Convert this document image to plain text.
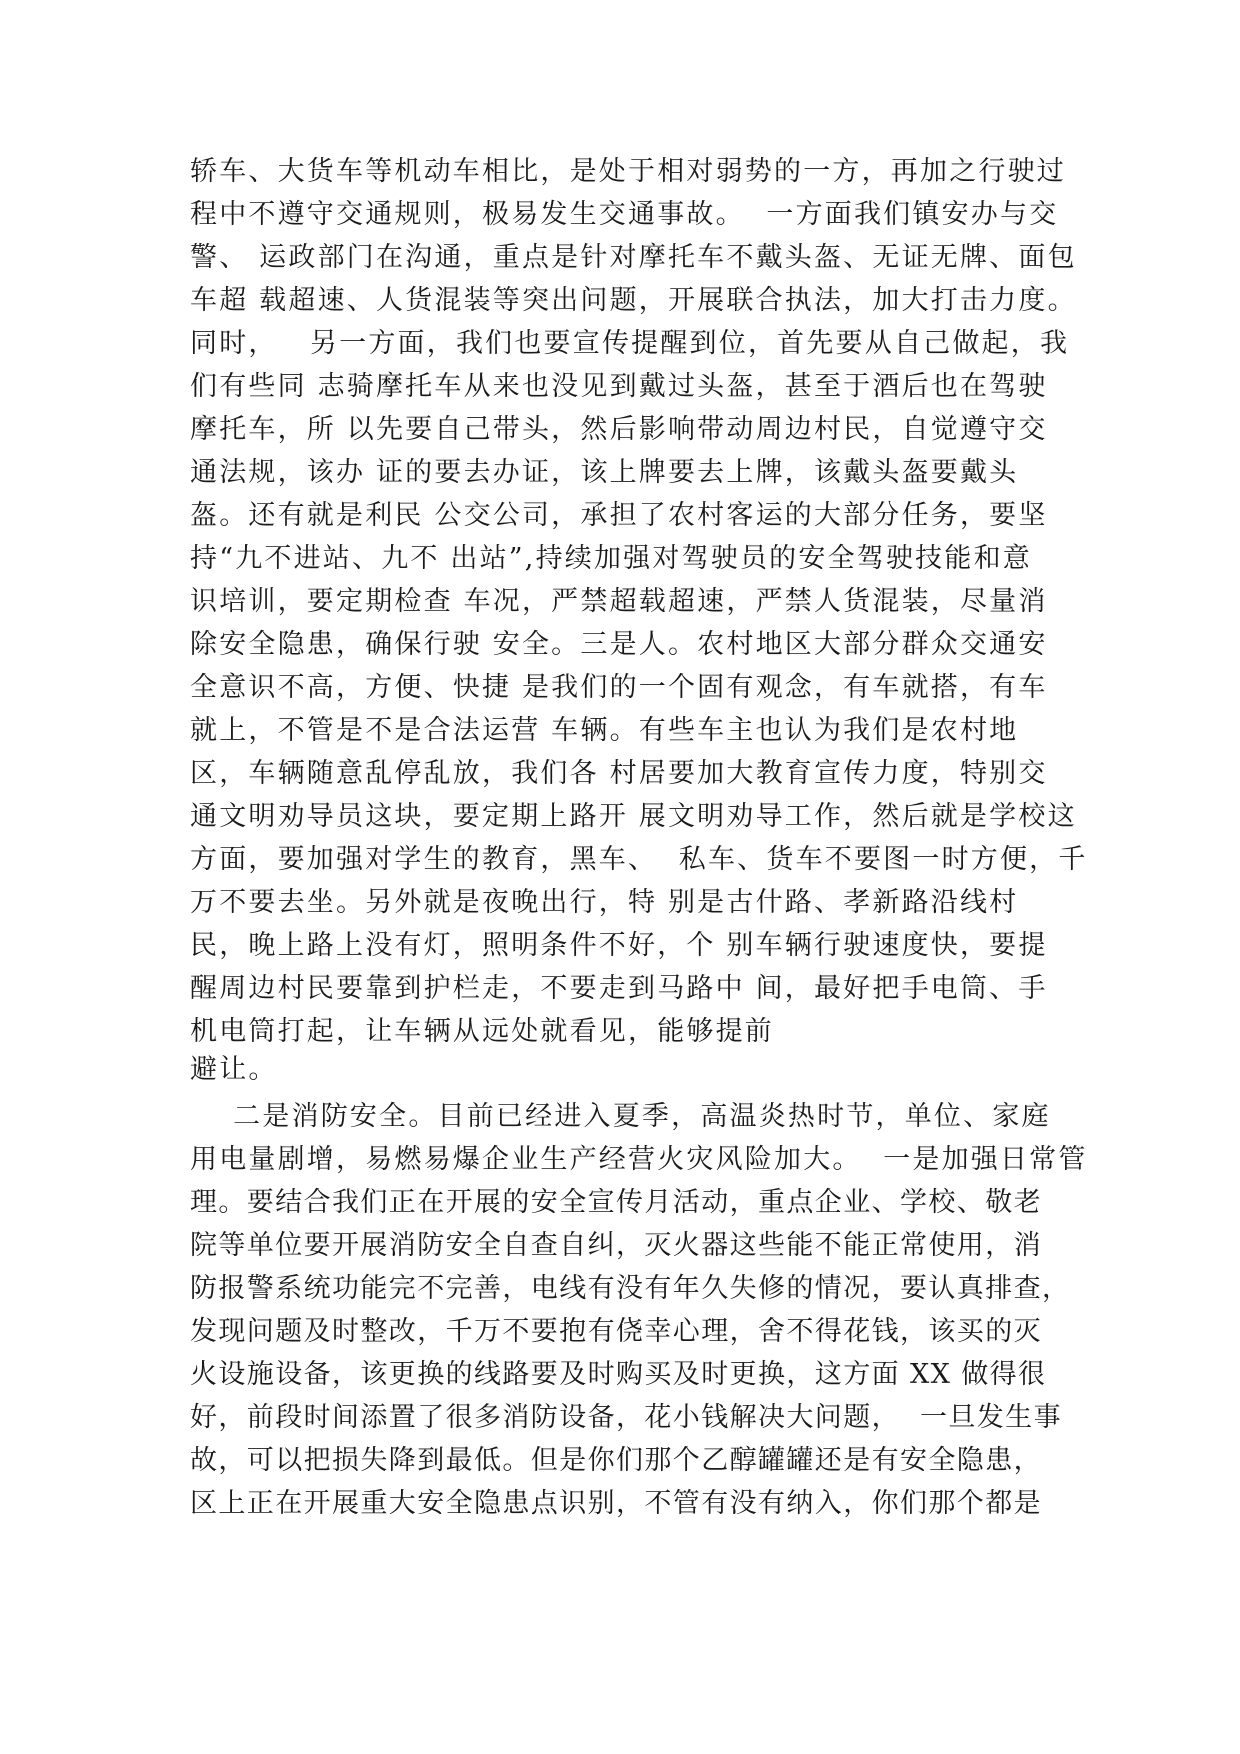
轿车、大货车等机动车相比，是处于相对弱势的一方，再加之行驶过
程中不遵守交通规则，极易发生交通事故。  一方面我们镇安办与交
警、 运政部门在沟通，重点是针对摩托车不戴头盔、无证无牌、面包
车超 载超速、人货混装等突出问题，开展联合执法，加大打击力度。
同时，   另一方面，我们也要宣传提醒到位，首先要从自己做起，我
们有些同 志骑摩托车从来也没见到戴过头盔，甚至于酒后也在驾驶
摩托车，所 以先要自己带头，然后影响带动周边村民，自觉遵守交
通法规，该办 证的要去办证，该上牌要去上牌，该戴头盔要戴头
盔。还有就是利民 公交公司，承担了农村客运的大部分任务，要坚
持“九不进站、九不 出站”,持续加强对驾驶员的安全驾驶技能和意
识培训，要定期检查 车况，严禁超载超速，严禁人货混装，尽量消
除安全隐患，确保行驶 安全。三是人。农村地区大部分群众交通安
全意识不高，方便、快捷 是我们的一个固有观念，有车就搭，有车
就上，不管是不是合法运营 车辆。有些车主也认为我们是农村地
区，车辆随意乱停乱放，我们各 村居要加大教育宣传力度，特别交
通文明劝导员这块，要定期上路开 展文明劝导工作，然后就是学校这
方面，要加强对学生的教育，黑车、  私车、货车不要图一时方便，千
万不要去坐。另外就是夜晚出行，特 别是古什路、孝新路沿线村
民，晚上路上没有灯，照明条件不好，个 别车辆行驶速度快，要提
醒周边村民要靠到护栏走，不要走到马路中 间，最好把手电筒、手
机电筒打起，让车辆从远处就看见，能够提前
避让。
二是消防安全。目前已经进入夏季，高温炎热时节，单位、家庭
用电量剧增，易燃易爆企业生产经营火灾风险加大。  一是加强日常管
理。要结合我们正在开展的安全宣传月活动，重点企业、学校、敬老
院等单位要开展消防安全自查自纠，灭火器这些能不能正常使用，消
防报警系统功能完不完善，电线有没有年久失修的情况，要认真排查，
发现问题及时整改，千万不要抱有侥幸心理，舍不得花钱，该买的灭
火设施设备，该更换的线路要及时购买及时更换，这方面 XX 做得很
好，前段时间添置了很多消防设备，花小钱解决大问题，  一旦发生事
故，可以把损失降到最低。但是你们那个乙醇罐罐还是有安全隐患，
区上正在开展重大安全隐患点识别，不管有没有纳入，你们那个都是
